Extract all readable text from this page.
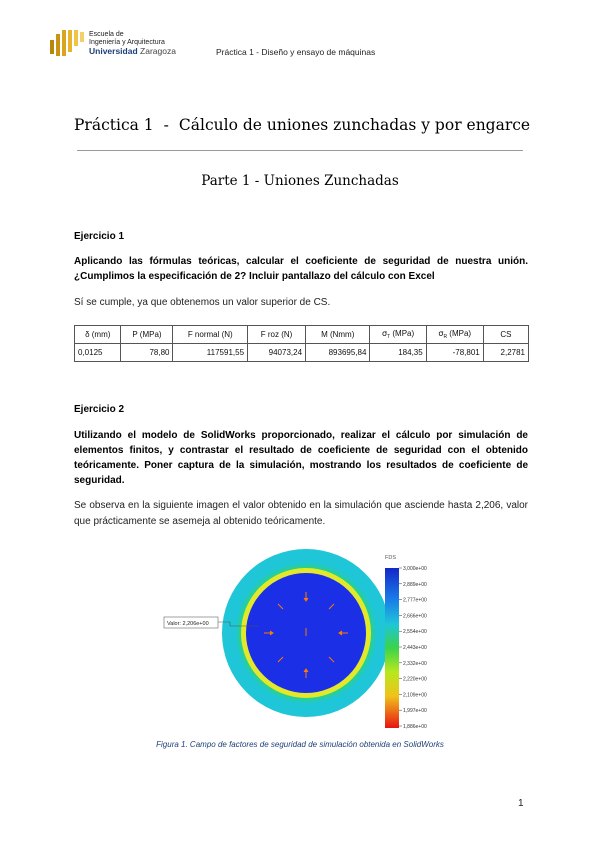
Escuela de
Ingeniería y Arquitectura
Universidad Zaragoza	Práctica 1 - Diseño y ensayo de máquinas
Práctica 1 - Cálculo de uniones zunchadas y por engarce
Parte 1 - Uniones Zunchadas
Ejercicio 1
Aplicando las fórmulas teóricas, calcular el coeficiente de seguridad de nuestra unión. ¿Cumplimos la especificación de 2? Incluir pantallazo del cálculo con Excel
Sí se cumple, ya que obtenemos un valor superior de CS.
δ (mm)	P (MPa)	F normal (N)	F roz (N)	M (Nmm)	$\sigma_T$ (MPa)	$\sigma_R$ (MPa)	CS
0,0125	78,80	117591,55	94073,24	893695,84	184,35	-78,801	2,2781
Ejercicio 2
Utilizando el modelo de SolidWorks proporcionado, realizar el cálculo por simulación de elementos finitos, y contrastar el resultado de coeficiente de seguridad con el obtenido teóricamente. Poner captura de la simulación, mostrando los resultados de coeficiente de seguridad.
Se observa en la siguiente imagen el valor obtenido en la simulación que asciende hasta 2,206, valor que prácticamente se asemeja al obtenido teóricamente.
Valor: 2,206e+00
FDS
3,000e+00
2,889e+00
2,777e+00
2,666e+00
2,554e+00
2,443e+00
2,332e+00
2,220e+00
2,109e+00
1,997e+00
1,886e+00
Figura 1. Campo de factores de seguridad de simulación obtenida en SolidWorks
1
